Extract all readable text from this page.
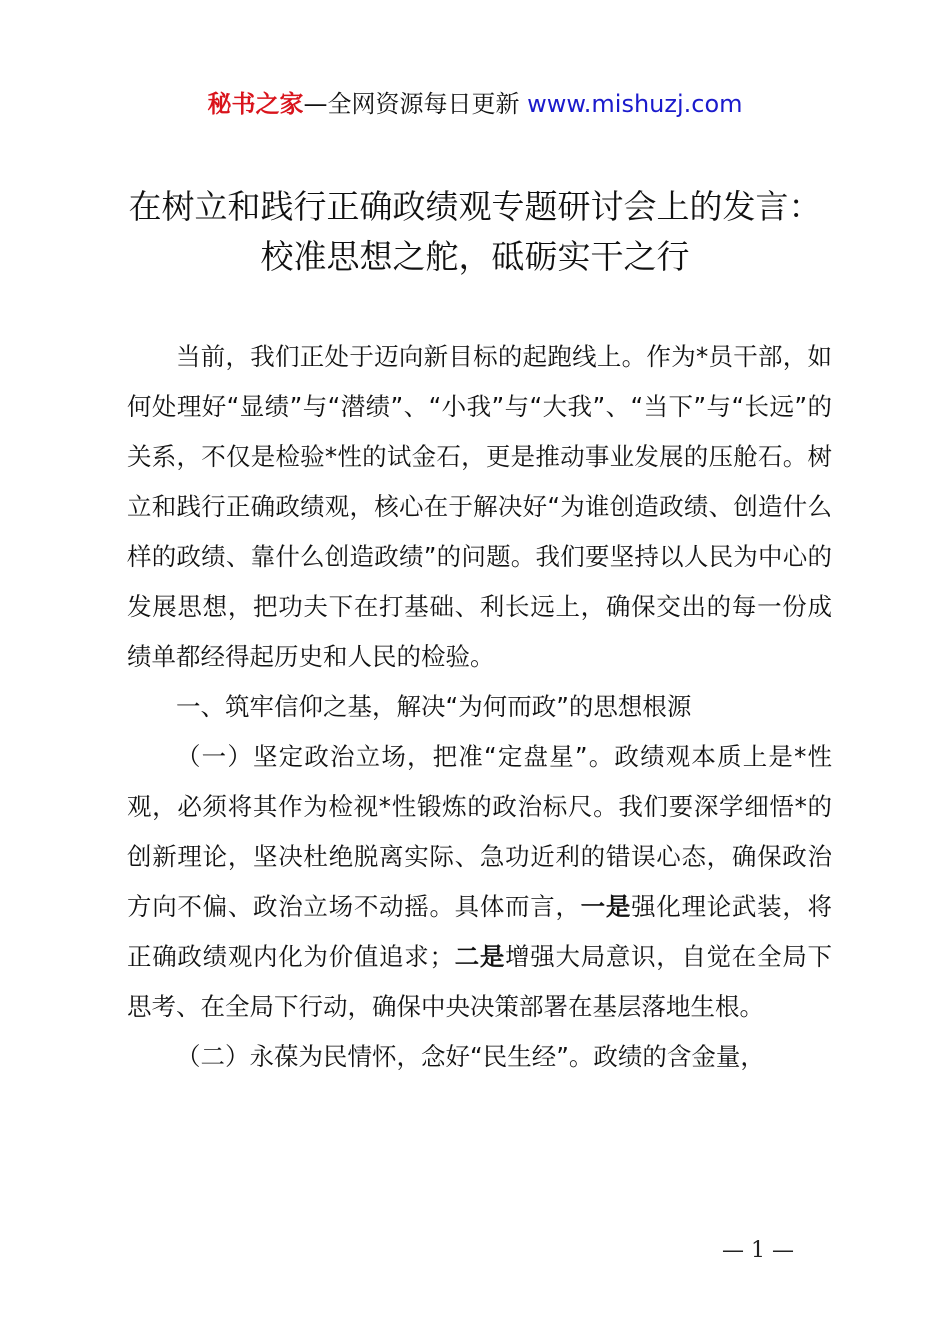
秘书之家—全网资源每日更新 www.mishuzj.com
在树立和践行正确政绩观专题研讨会上的发言：
校准思想之舵，砥砺实干之行

当前，我们正处于迈向新目标的起跑线上。作为*员干部，如何处理好“显绩”与“潜绩”、“小我”与“大我”、“当下”与“长远”的关系，不仅是检验*性的试金石，更是推动事业发展的压舱石。树立和践行正确政绩观，核心在于解决好“为谁创造政绩、创造什么样的政绩、靠什么创造政绩”的问题。我们要坚持以人民为中心的发展思想，把功夫下在打基础、利长远上，确保交出的每一份成绩单都经得起历史和人民的检验。

一、筑牢信仰之基，解决“为何而政”的思想根源

（一）坚定政治立场，把准“定盘星”。政绩观本质上是*性观，必须将其作为检视*性锻炼的政治标尺。我们要深学细悟*的创新理论，坚决杜绝脱离实际、急功近利的错误心态，确保政治方向不偏、政治立场不动摇。具体而言，一是强化理论武装，将正确政绩观内化为价值追求；二是增强大局意识，自觉在全局下思考、在全局下行动，确保中央决策部署在基层落地生根。

（二）永葆为民情怀，念好“民生经”。政绩的含金量，

— 1 —
